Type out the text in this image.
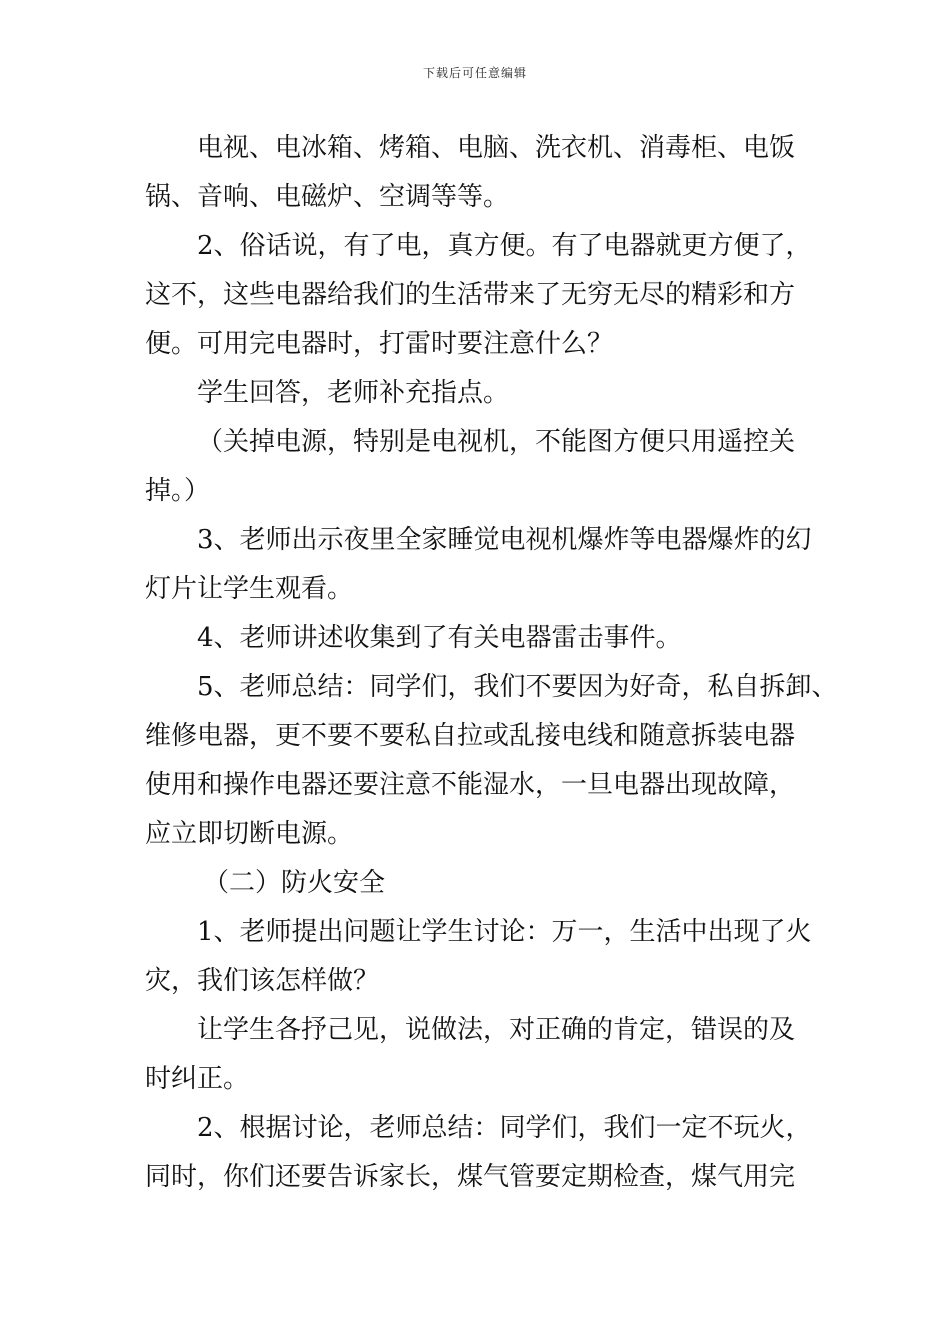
下载后可任意编辑
电视、电冰箱、烤箱、电脑、洗衣机、消毒柜、电饭
锅、音响、电磁炉、空调等等。
2、俗话说，有了电，真方便。有了电器就更方便了，
这不，这些电器给我们的生活带来了无穷无尽的精彩和方
便。可用完电器时，打雷时要注意什么？
学生回答，老师补充指点。
（关掉电源，特别是电视机，不能图方便只用遥控关
掉。）
3、老师出示夜里全家睡觉电视机爆炸等电器爆炸的幻
灯片让学生观看。
4、老师讲述收集到了有关电器雷击事件。
5、老师总结：同学们，我们不要因为好奇，私自拆卸、
维修电器，更不要不要私自拉或乱接电线和随意拆装电器
使用和操作电器还要注意不能湿水，一旦电器出现故障，
应立即切断电源。
（二）防火安全
1、老师提出问题让学生讨论：万一，生活中出现了火
灾，我们该怎样做？
让学生各抒己见，说做法，对正确的肯定，错误的及
时纠正。
2、根据讨论，老师总结：同学们，我们一定不玩火，
同时，你们还要告诉家长，煤气管要定期检查，煤气用完
